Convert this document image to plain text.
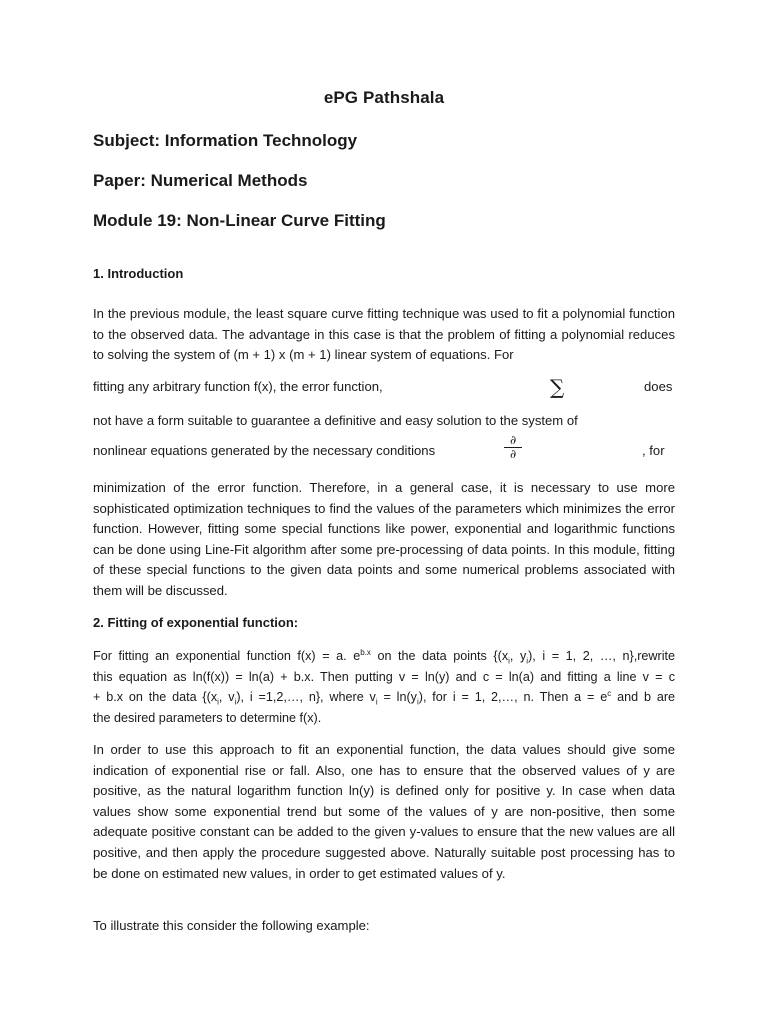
ePG Pathshala
Subject: Information Technology
Paper: Numerical Methods
Module 19: Non-Linear Curve Fitting
1. Introduction
In the previous module, the least square curve fitting technique was used to fit a polynomial function to the observed data. The advantage in this case is that the problem of fitting a polynomial reduces to solving the system of (m + 1) x (m + 1) linear system of equations. For
fitting any arbitrary function f(x), the error function,	∑	does
not have a form suitable to guarantee a definitive and easy solution to the system of
nonlinear equations generated by the necessary conditions
∂
∂	, for
minimization of the error function. Therefore, in a general case, it is necessary to use more sophisticated optimization techniques to find the values of the parameters which minimizes the error function. However, fitting some special functions like power, exponential and logarithmic functions can be done using Line-Fit algorithm after some pre-processing of data points. In this module, fitting of these special functions to the given data points and some numerical problems associated with them will be discussed.
2. Fitting of exponential function:
For fitting an exponential function f(x) = a. $e^{b.x}$ on the data points {($x_i$, $y_i$), i = 1, 2, …, n},rewrite
this equation as ln(f(x)) = ln(a) + b.x. Then putting v = ln(y) and c = ln(a) and fitting a line v = c
+ b.x on the data {($x_i$, $v_i$), i =1,2,…, n}, where $v_i = \ln(y_i)$, for i = 1, 2,…, n. Then $a = e^c$ and b are
the desired parameters to determine f(x).
In order to use this approach to fit an exponential function, the data values should give some indication of exponential rise or fall. Also, one has to ensure that the observed values of y are positive, as the natural logarithm function ln(y) is defined only for positive y. In case when data values show some exponential trend but some of the values of y are non-positive, then some adequate positive constant can be added to the given y-values to ensure that the new values are all positive, and then apply the procedure suggested above. Naturally suitable post processing has to be done on estimated new values, in order to get estimated values of y.
To illustrate this consider the following example:
